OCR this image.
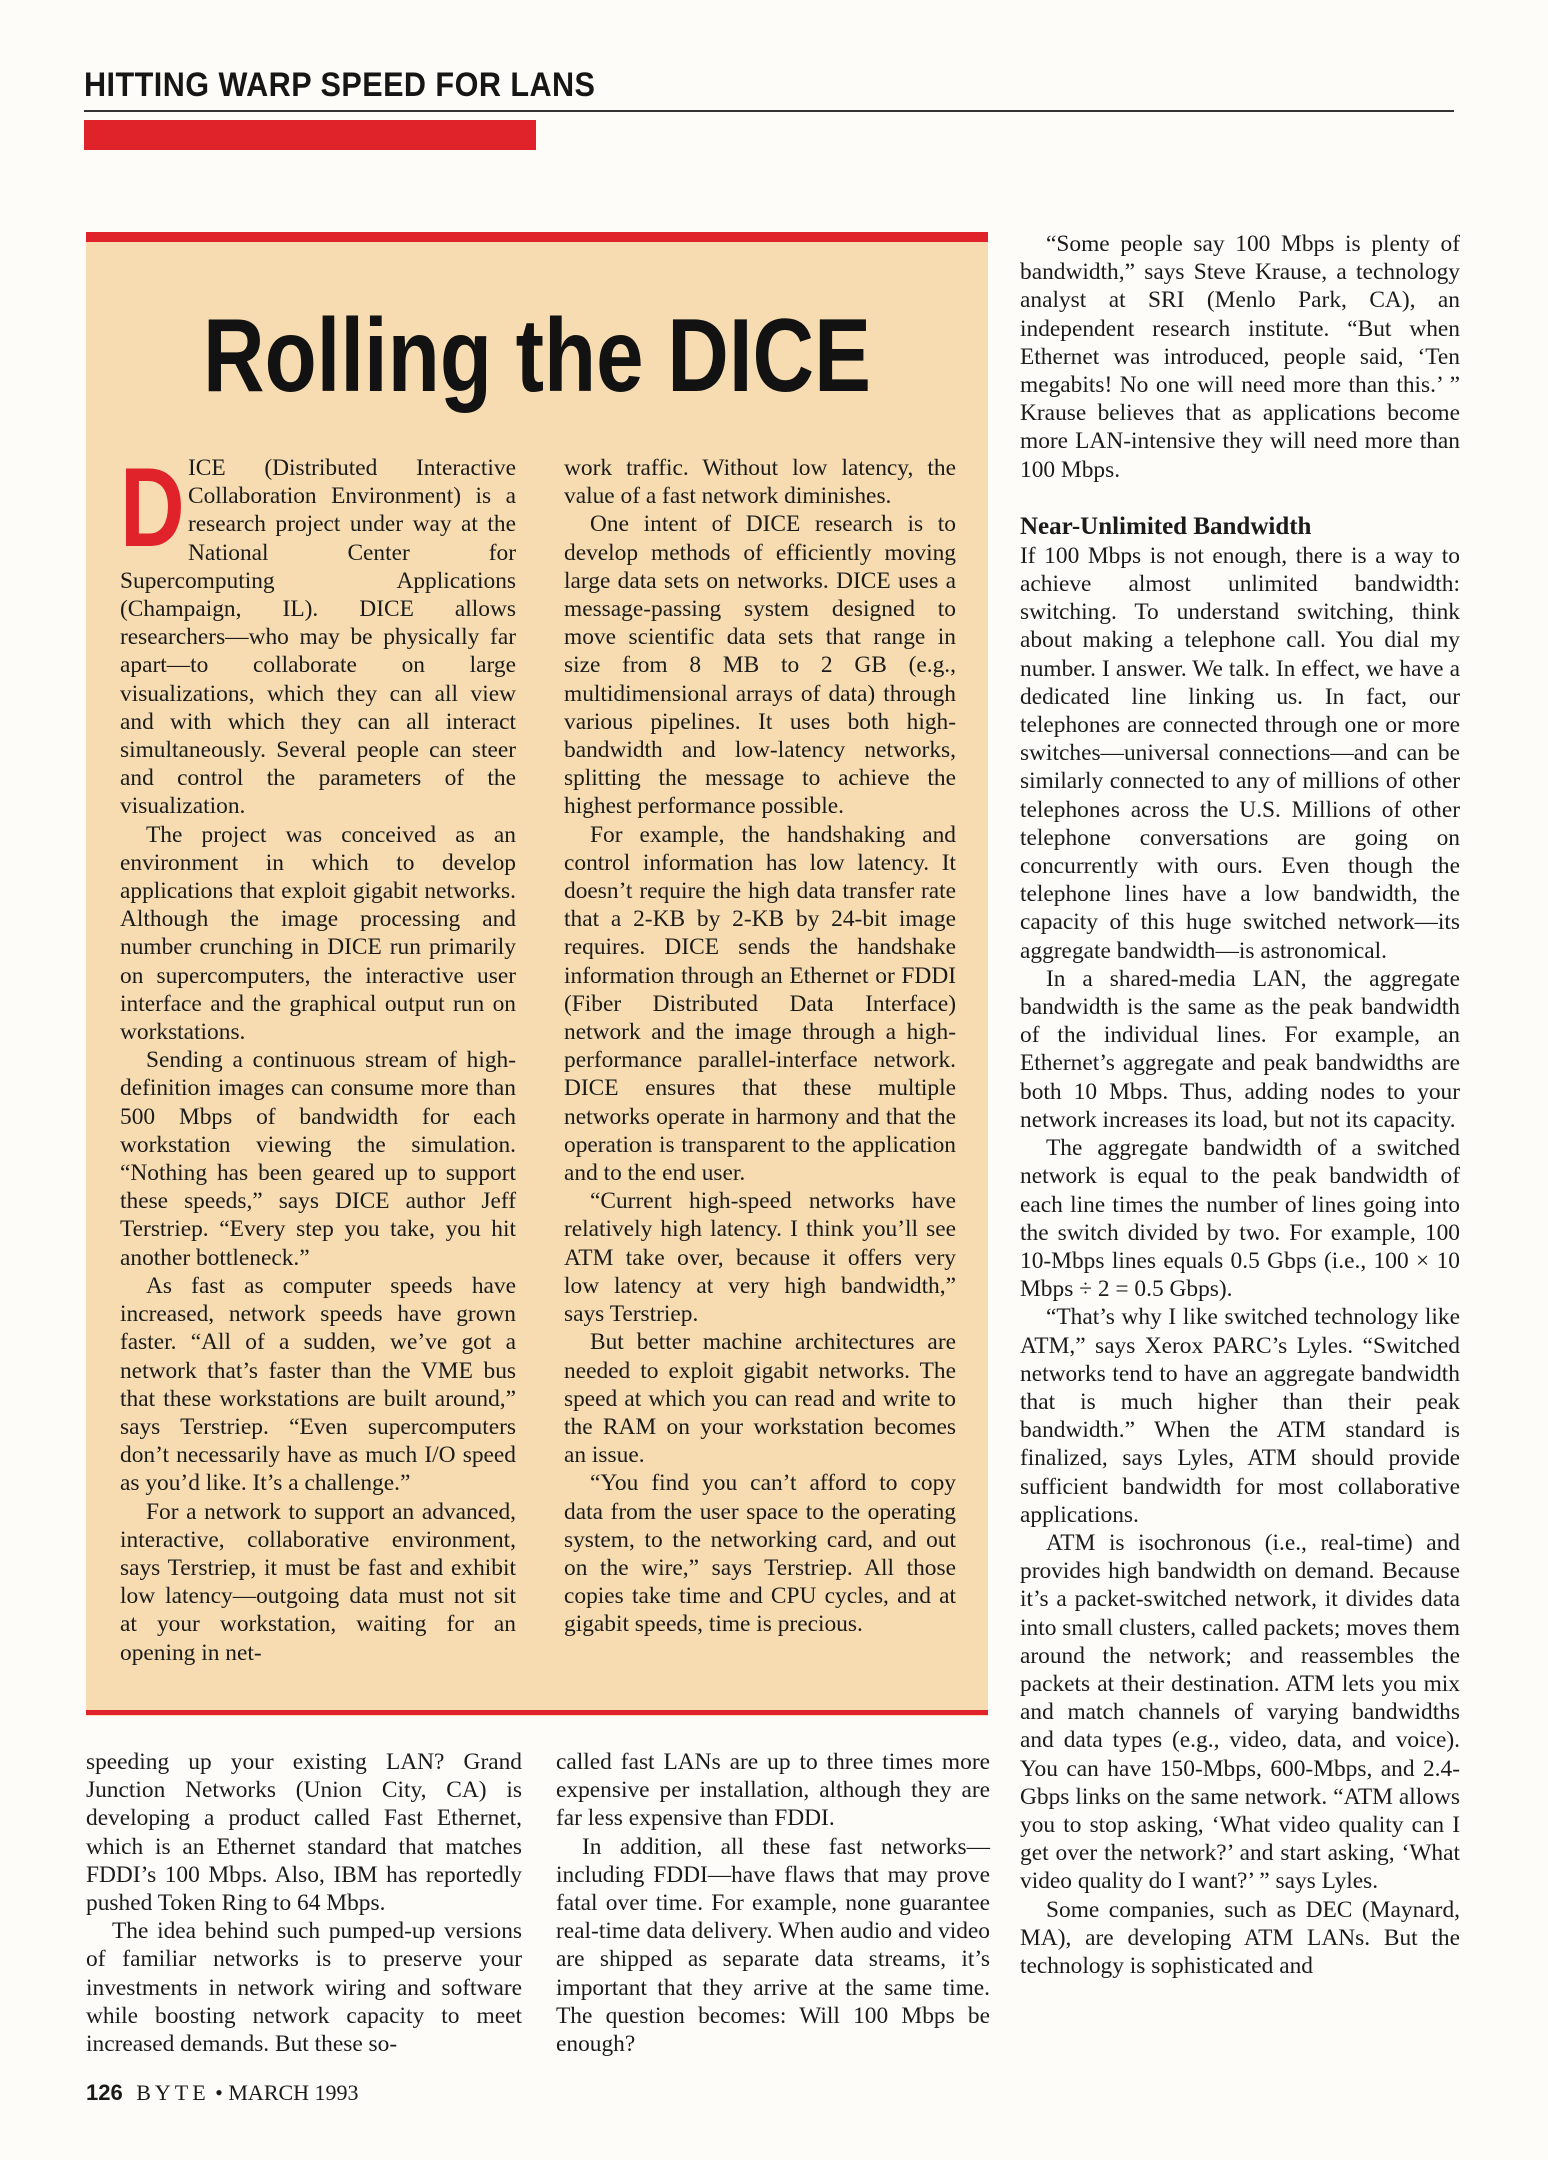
HITTING WARP SPEED FOR LANS
Rolling the DICE

DICE (Distributed Interactive Collaboration Environment) is a research project under way at the National Center for Supercomputing Applications (Champaign, IL). DICE allows researchers—who may be physically far apart—to collaborate on large visualizations, which they can all view and with which they can all interact simultaneously. Several people can steer and control the parameters of the visualization.

The project was conceived as an environment in which to develop applications that exploit gigabit networks. Although the image processing and number crunching in DICE run primarily on supercomputers, the interactive user interface and the graphical output run on workstations.

Sending a continuous stream of high-definition images can consume more than 500 Mbps of bandwidth for each workstation viewing the simulation. “Nothing has been geared up to support these speeds,” says DICE author Jeff Terstriep. “Every step you take, you hit another bottleneck.”

As fast as computer speeds have increased, network speeds have grown faster. “All of a sudden, we’ve got a network that’s faster than the VME bus that these workstations are built around,” says Terstriep. “Even supercomputers don’t necessarily have as much I/O speed as you’d like. It’s a challenge.”

For a network to support an advanced, interactive, collaborative environment, says Terstriep, it must be fast and exhibit low latency—outgoing data must not sit at your workstation, waiting for an opening in net-

work traffic. Without low latency, the value of a fast network diminishes.

One intent of DICE research is to develop methods of efficiently moving large data sets on networks. DICE uses a message-passing system designed to move scientific data sets that range in size from 8 MB to 2 GB (e.g., multidimensional arrays of data) through various pipelines. It uses both high-bandwidth and low-latency networks, splitting the message to achieve the highest performance possible.

For example, the handshaking and control information has low latency. It doesn’t require the high data transfer rate that a 2-KB by 2-KB by 24-bit image requires. DICE sends the handshake information through an Ethernet or FDDI (Fiber Distributed Data Interface) network and the image through a high-performance parallel-interface network. DICE ensures that these multiple networks operate in harmony and that the operation is transparent to the application and to the end user.

“Current high-speed networks have relatively high latency. I think you’ll see ATM take over, because it offers very low latency at very high bandwidth,” says Terstriep.

But better machine architectures are needed to exploit gigabit networks. The speed at which you can read and write to the RAM on your workstation becomes an issue.

“You find you can’t afford to copy data from the user space to the operating system, to the networking card, and out on the wire,” says Terstriep. All those copies take time and CPU cycles, and at gigabit speeds, time is precious.

“Some people say 100 Mbps is plenty of bandwidth,” says Steve Krause, a technology analyst at SRI (Menlo Park, CA), an independent research institute. “But when Ethernet was introduced, people said, ‘Ten megabits! No one will need more than this.’ ” Krause believes that as applications become more LAN-intensive they will need more than 100 Mbps.

Near-Unlimited Bandwidth

If 100 Mbps is not enough, there is a way to achieve almost unlimited bandwidth: switching. To understand switching, think about making a telephone call. You dial my number. I answer. We talk. In effect, we have a dedicated line linking us. In fact, our telephones are connected through one or more switches—universal connections—and can be similarly connected to any of millions of other telephones across the U.S. Millions of other telephone conversations are going on concurrently with ours. Even though the telephone lines have a low bandwidth, the capacity of this huge switched network—its aggregate bandwidth—is astronomical.

In a shared-media LAN, the aggregate bandwidth is the same as the peak bandwidth of the individual lines. For example, an Ethernet’s aggregate and peak bandwidths are both 10 Mbps. Thus, adding nodes to your network increases its load, but not its capacity.

The aggregate bandwidth of a switched network is equal to the peak bandwidth of each line times the number of lines going into the switch divided by two. For example, 100 10-Mbps lines equals 0.5 Gbps (i.e., 100 × 10 Mbps ÷ 2 = 0.5 Gbps).

“That’s why I like switched technology like ATM,” says Xerox PARC’s Lyles. “Switched networks tend to have an aggregate bandwidth that is much higher than their peak bandwidth.” When the ATM standard is finalized, says Lyles, ATM should provide sufficient bandwidth for most collaborative applications.

ATM is isochronous (i.e., real-time) and provides high bandwidth on demand. Because it’s a packet-switched network, it divides data into small clusters, called packets; moves them around the network; and reassembles the packets at their destination. ATM lets you mix and match channels of varying bandwidths and data types (e.g., video, data, and voice). You can have 150-Mbps, 600-Mbps, and 2.4-Gbps links on the same network. “ATM allows you to stop asking, ‘What video quality can I get over the network?’ and start asking, ‘What video quality do I want?’ ” says Lyles.

Some companies, such as DEC (Maynard, MA), are developing ATM LANs. But the technology is sophisticated and

speeding up your existing LAN? Grand Junction Networks (Union City, CA) is developing a product called Fast Ethernet, which is an Ethernet standard that matches FDDI’s 100 Mbps. Also, IBM has reportedly pushed Token Ring to 64 Mbps.

The idea behind such pumped-up versions of familiar networks is to preserve your investments in network wiring and software while boosting network capacity to meet increased demands. But these so-

called fast LANs are up to three times more expensive per installation, although they are far less expensive than FDDI.

In addition, all these fast networks—including FDDI—have flaws that may prove fatal over time. For example, none guarantee real-time data delivery. When audio and video are shipped as separate data streams, it’s important that they arrive at the same time. The question becomes: Will 100 Mbps be enough?

126 BYTE • MARCH 1993
